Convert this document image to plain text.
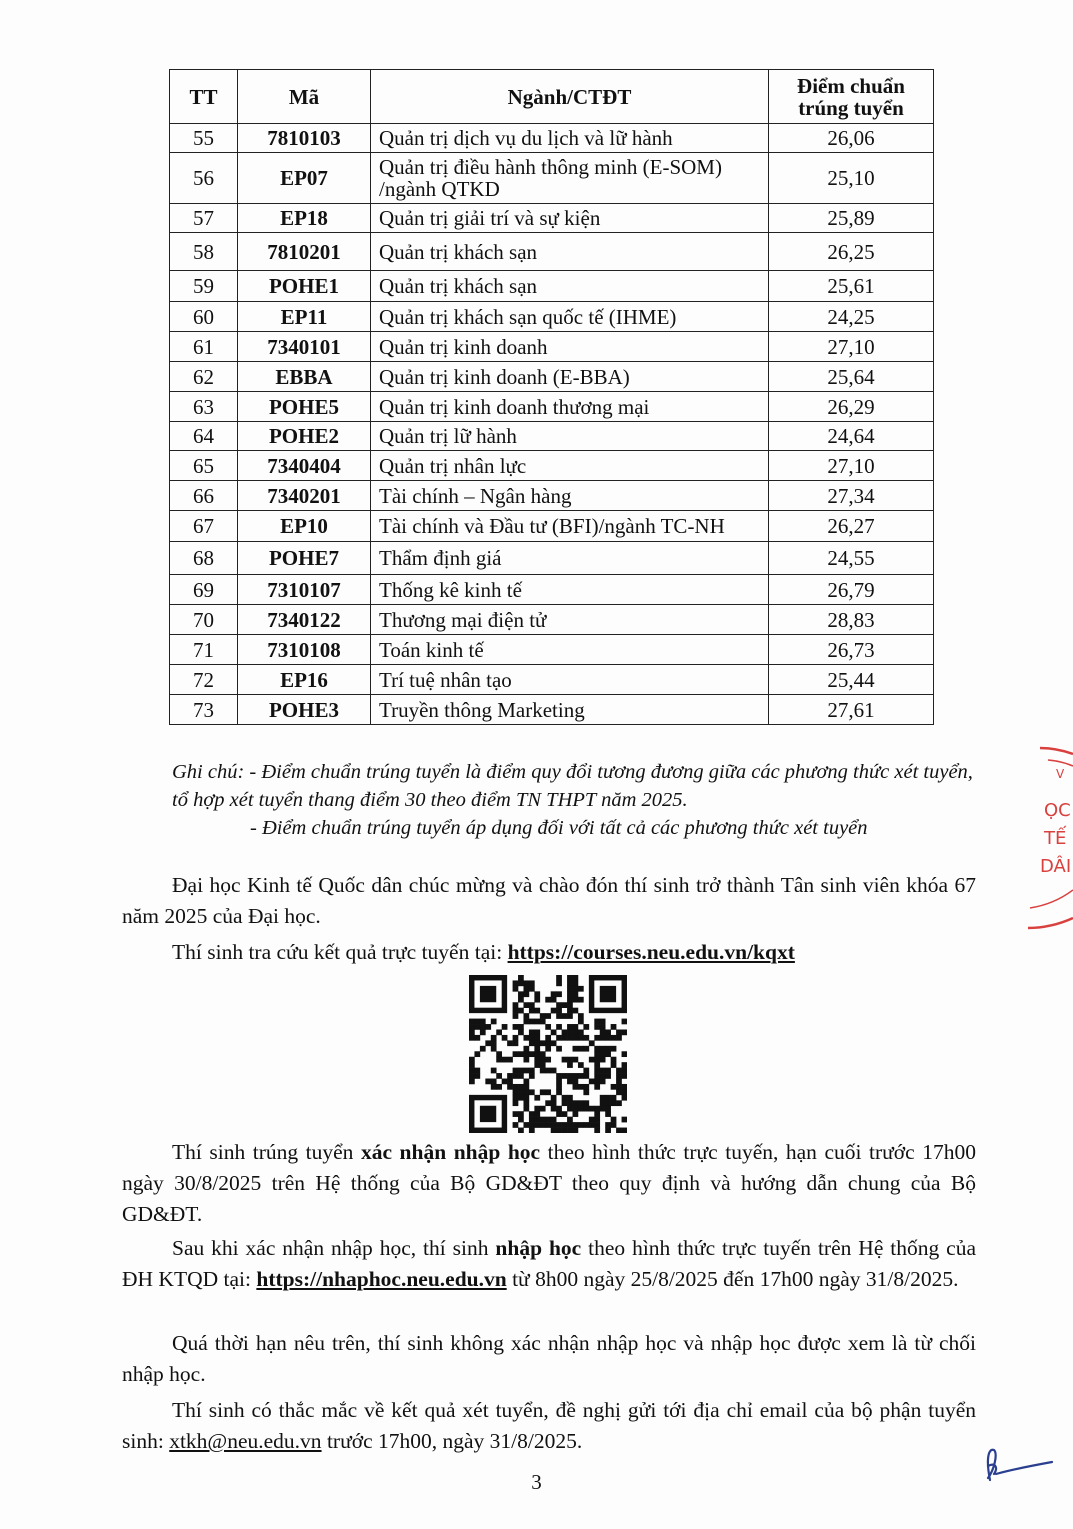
TT	Mã	Ngành/CTĐT	Điểm chuẩn
trúng tuyển

55	7810103	Quản trị dịch vụ du lịch và lữ hành	26,06
56	EP07	Quản trị điều hành thông minh (E-SOM)
/ngành QTKD	25,10
57	EP18	Quản trị giải trí và sự kiện	25,89
58	7810201	Quản trị khách sạn	26,25
59	POHE1	Quản trị khách sạn	25,61
60	EP11	Quản trị khách sạn quốc tế (IHME)	24,25
61	7340101	Quản trị kinh doanh	27,10
62	EBBA	Quản trị kinh doanh (E-BBA)	25,64
63	POHE5	Quản trị kinh doanh thương mại	26,29
64	POHE2	Quản trị lữ hành	24,64
65	7340404	Quản trị nhân lực	27,10
66	7340201	Tài chính – Ngân hàng	27,34
67	EP10	Tài chính và Đầu tư (BFI)/ngành TC-NH	26,27
68	POHE7	Thẩm định giá	24,55
69	7310107	Thống kê kinh tế	26,79
70	7340122	Thương mại điện tử	28,83
71	7310108	Toán kinh tế	26,73
72	EP16	Trí tuệ nhân tạo	25,44
73	POHE3	Truyền thông Marketing	27,61
Ghi chú: - Điểm chuẩn trúng tuyển là điểm quy đổi tương đương giữa các phương thức xét tuyển, tổ hợp xét tuyển thang điểm 30 theo điểm TN THPT năm 2025.
- Điểm chuẩn trúng tuyển áp dụng đối với tất cả các phương thức xét tuyển
Đại học Kinh tế Quốc dân chúc mừng và chào đón thí sinh trở thành Tân sinh viên khóa 67 năm 2025 của Đại học.
Thí sinh tra cứu kết quả trực tuyến tại: https://courses.neu.edu.vn/kqxt
Thí sinh trúng tuyển xác nhận nhập học theo hình thức trực tuyến, hạn cuối trước 17h00 ngày 30/8/2025 trên Hệ thống của Bộ GD&ĐT theo quy định và hướng dẫn chung của Bộ GD&ĐT.
Sau khi xác nhận nhập học, thí sinh nhập học theo hình thức trực tuyến trên Hệ thống của ĐH KTQD tại: https://nhaphoc.neu.edu.vn từ 8h00 ngày 25/8/2025 đến 17h00 ngày 31/8/2025.
Quá thời hạn nêu trên, thí sinh không xác nhận nhập học và nhập học được xem là từ chối nhập học.
Thí sinh có thắc mắc về kết quả xét tuyển, đề nghị gửi tới địa chỉ email của bộ phận tuyển sinh: xtkh@neu.edu.vn trước 17h00, ngày 31/8/2025.
3
V
ỌC
TẾ
DÂI
